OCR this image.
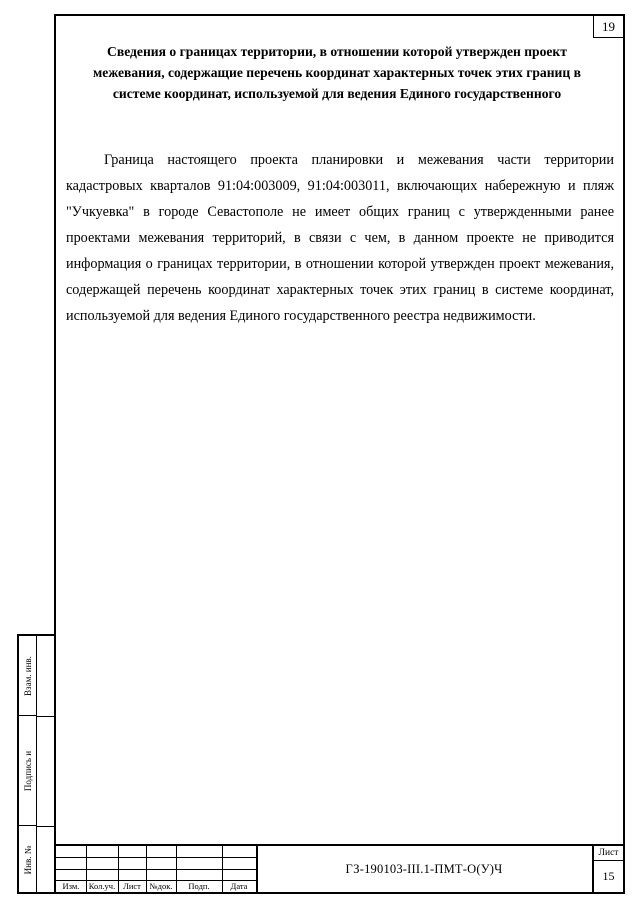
19
Сведения о границах территории, в отношении которой утвержден проект межевания, содержащие перечень координат характерных точек этих границ в системе координат, используемой для ведения Единого государственного
Граница настоящего проекта планировки и межевания части территории кадастровых кварталов 91:04:003009, 91:04:003011, включающих набережную и пляж "Учкуевка" в городе Севастополе не имеет общих границ с утвержденными ранее проектами межевания территорий, в связи с чем, в данном проекте не приводится информация о границах территории, в отношении которой утвержден проект межевания, содержащей перечень координат характерных точек этих границ в системе координат, используемой для ведения Единого государственного реестра недвижимости.
Изм.	Кол.уч. Лист	№док.	Подп.	Дата
ГЗ-190103-III.1-ПМТ-О(У)Ч
Лист
15
Взам. инв.
Подпись и
Инв. №
